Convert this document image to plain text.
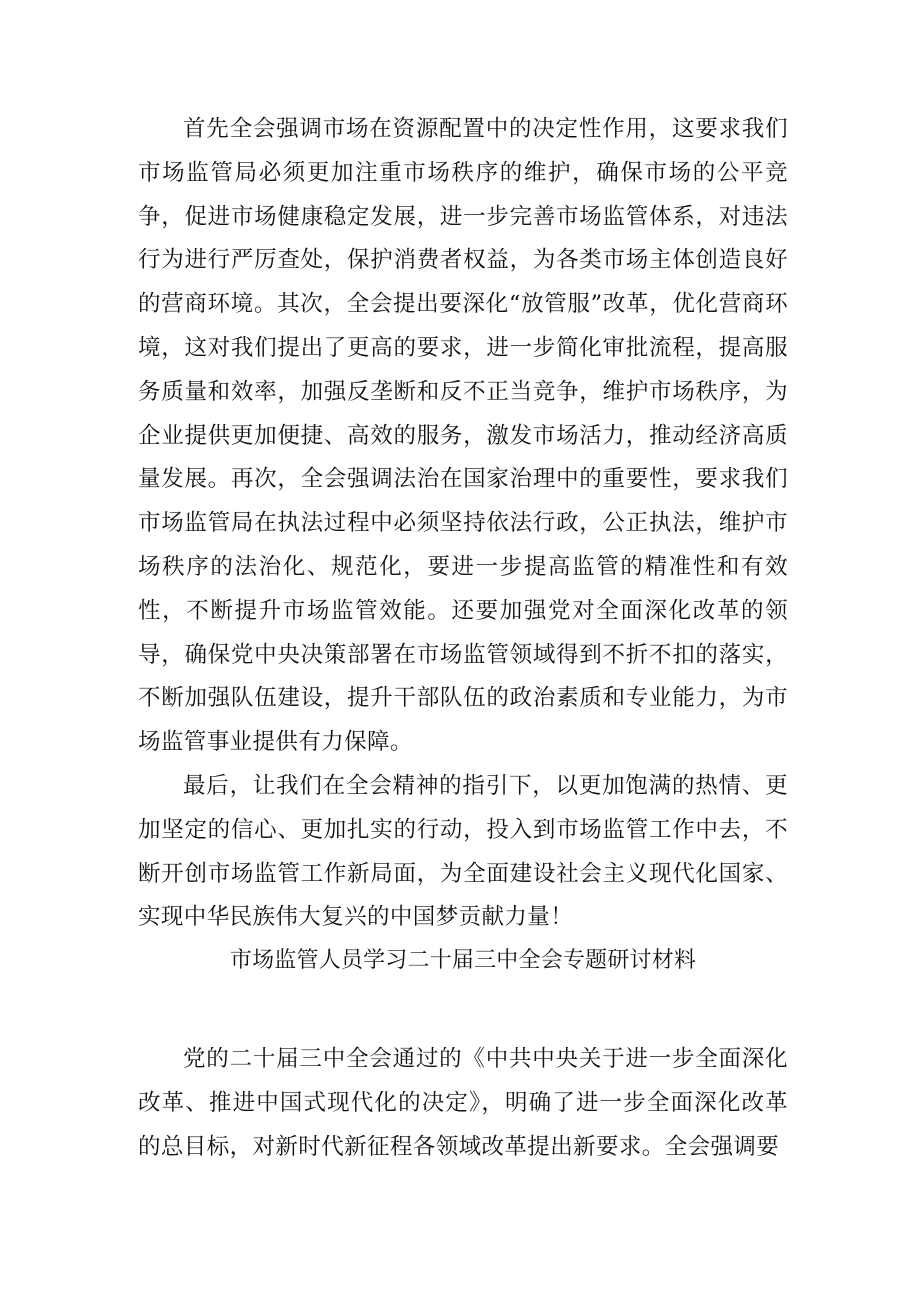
首先全会强调市场在资源配置中的决定性作用，这要求我们市场监管局必须更加注重市场秩序的维护，确保市场的公平竞争，促进市场健康稳定发展，进一步完善市场监管体系，对违法行为进行严厉查处，保护消费者权益，为各类市场主体创造良好的营商环境。其次，全会提出要深化“放管服”改革，优化营商环境，这对我们提出了更高的要求，进一步简化审批流程，提高服务质量和效率，加强反垄断和反不正当竞争，维护市场秩序，为企业提供更加便捷、高效的服务，激发市场活力，推动经济高质量发展。再次，全会强调法治在国家治理中的重要性，要求我们市场监管局在执法过程中必须坚持依法行政，公正执法，维护市场秩序的法治化、规范化，要进一步提高监管的精准性和有效性，不断提升市场监管效能。还要加强党对全面深化改革的领导，确保党中央决策部署在市场监管领域得到不折不扣的落实，不断加强队伍建设，提升干部队伍的政治素质和专业能力，为市场监管事业提供有力保障。

最后，让我们在全会精神的指引下，以更加饱满的热情、更加坚定的信心、更加扎实的行动，投入到市场监管工作中去，不断开创市场监管工作新局面，为全面建设社会主义现代化国家、实现中华民族伟大复兴的中国梦贡献力量！

市场监管人员学习二十届三中全会专题研讨材料

党的二十届三中全会通过的《中共中央关于进一步全面深化改革、推进中国式现代化的决定》，明确了进一步全面深化改革的总目标，对新时代新征程各领域改革提出新要求。全会强调要
